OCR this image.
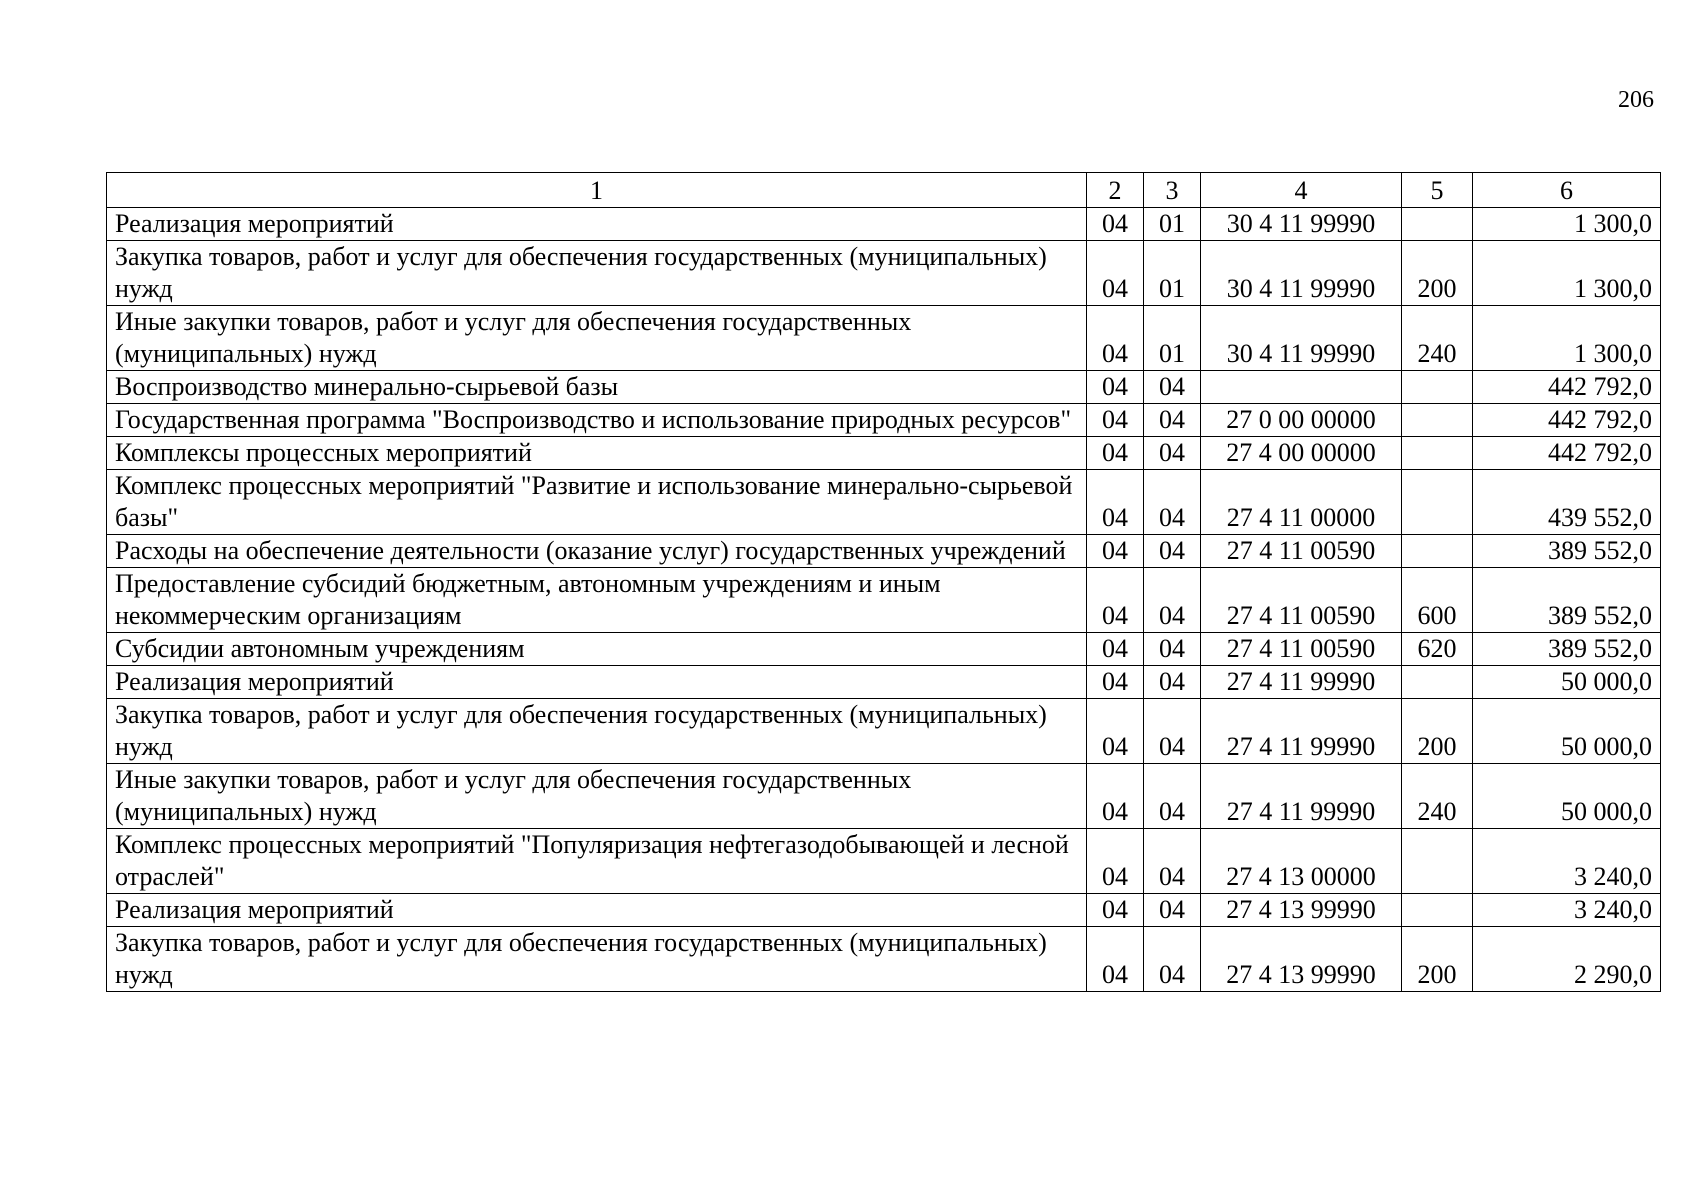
206
1	2	3	4	5	6
Реализация мероприятий	04	01	30 4 11 99990		1 300,0
Закупка товаров, работ и услуг для обеспечения государственных (муниципальных) нужд	04	01	30 4 11 99990	200	1 300,0
Иные закупки товаров, работ и услуг для обеспечения государственных (муниципальных) нужд	04	01	30 4 11 99990	240	1 300,0
Воспроизводство минерально-сырьевой базы	04	04			442 792,0
Государственная программа "Воспроизводство и использование природных ресурсов"	04	04	27 0 00 00000		442 792,0
Комплексы процессных мероприятий	04	04	27 4 00 00000		442 792,0
Комплекс процессных мероприятий "Развитие и использование минерально-сырьевой базы"	04	04	27 4 11 00000		439 552,0
Расходы на обеспечение деятельности (оказание услуг) государственных учреждений	04	04	27 4 11 00590		389 552,0
Предоставление субсидий бюджетным, автономным учреждениям и иным некоммерческим организациям	04	04	27 4 11 00590	600	389 552,0
Субсидии автономным учреждениям	04	04	27 4 11 00590	620	389 552,0
Реализация мероприятий	04	04	27 4 11 99990		50 000,0
Закупка товаров, работ и услуг для обеспечения государственных (муниципальных) нужд	04	04	27 4 11 99990	200	50 000,0
Иные закупки товаров, работ и услуг для обеспечения государственных (муниципальных) нужд	04	04	27 4 11 99990	240	50 000,0
Комплекс процессных мероприятий "Популяризация нефтегазодобывающей и лесной отраслей"	04	04	27 4 13 00000		3 240,0
Реализация мероприятий	04	04	27 4 13 99990		3 240,0
Закупка товаров, работ и услуг для обеспечения государственных (муниципальных) нужд	04	04	27 4 13 99990	200	2 290,0
